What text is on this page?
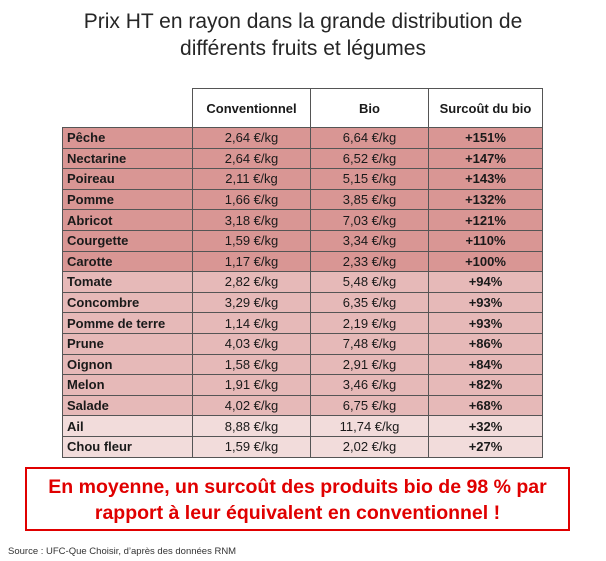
Prix HT en rayon dans la grande distribution de
différents fruits et légumes
	Conventionnel	Bio	Surcoût du bio
Pêche	2,64 €/kg	6,64 €/kg	+151%
Nectarine	2,64 €/kg	6,52 €/kg	+147%
Poireau	2,11 €/kg	5,15 €/kg	+143%
Pomme	1,66 €/kg	3,85 €/kg	+132%
Abricot	3,18 €/kg	7,03 €/kg	+121%
Courgette	1,59 €/kg	3,34 €/kg	+110%
Carotte	1,17 €/kg	2,33 €/kg	+100%
Tomate	2,82 €/kg	5,48 €/kg	+94%
Concombre	3,29 €/kg	6,35 €/kg	+93%
Pomme de terre	1,14 €/kg	2,19 €/kg	+93%
Prune	4,03 €/kg	7,48 €/kg	+86%
Oignon	1,58 €/kg	2,91 €/kg	+84%
Melon	1,91 €/kg	3,46 €/kg	+82%
Salade	4,02 €/kg	6,75 €/kg	+68%
Ail	8,88 €/kg	11,74 €/kg	+32%
Chou fleur	1,59 €/kg	2,02 €/kg	+27%
En moyenne, un surcoût des produits bio de 98 % par
rapport à leur équivalent en conventionnel !
Source : UFC-Que Choisir, d’après des données RNM
